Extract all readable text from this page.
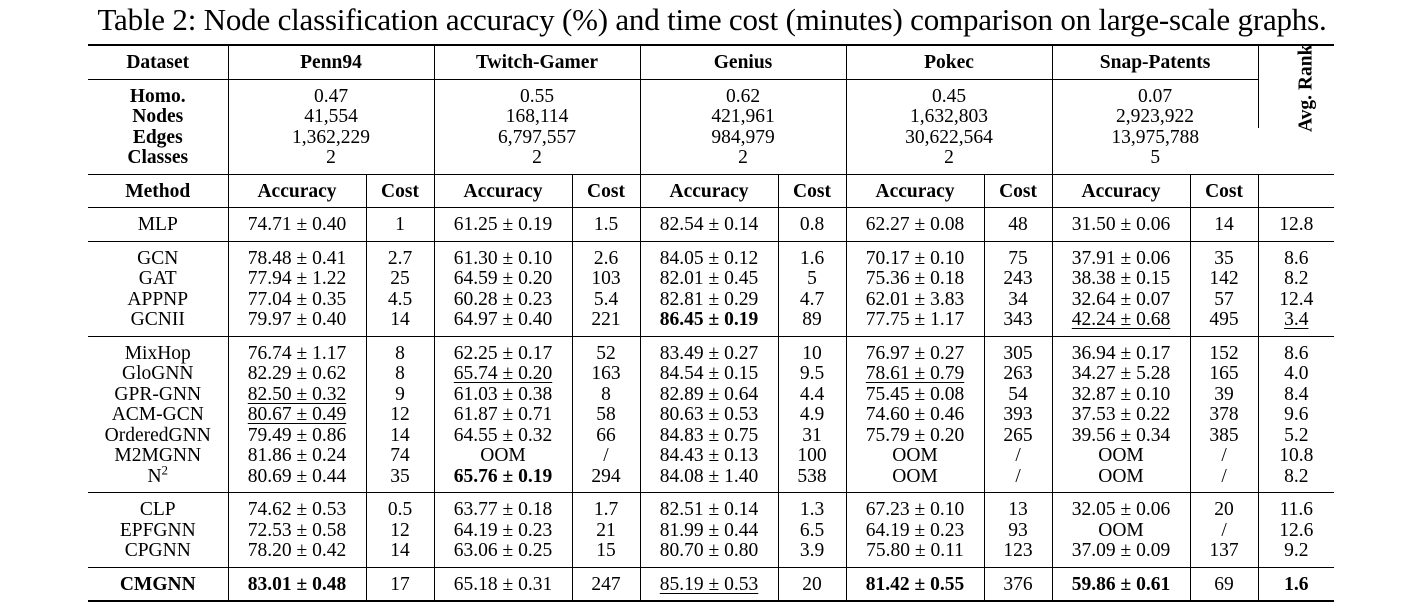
Table 2: Node classification accuracy (%) and time cost (minutes) comparison on large-scale graphs.
Dataset	Penn94		Twitch-Gamer		Genius		Pokec		Snap-Patents		Avg. Rank
Homo.	0.47		0.55		0.62		0.45		0.07		
Nodes	41,554		168,114		421,961		1,632,803		2,923,922		
Edges	1,362,229		6,797,557		984,979		30,622,564		13,975,788		
Classes	2		2		2		2		5		
Method	Accuracy	Cost	Accuracy	Cost	Accuracy	Cost	Accuracy	Cost	Accuracy	Cost	
MLP	74.71 ± 0.40	1	61.25 ± 0.19	1.5	82.54 ± 0.14	0.8	62.27 ± 0.08	48	31.50 ± 0.06	14	12.8
GCN	78.48 ± 0.41	2.7	61.30 ± 0.10	2.6	84.05 ± 0.12	1.6	70.17 ± 0.10	75	37.91 ± 0.06	35	8.6
GAT	77.94 ± 1.22	25	64.59 ± 0.20	103	82.01 ± 0.45	5	75.36 ± 0.18	243	38.38 ± 0.15	142	8.2
APPNP	77.04 ± 0.35	4.5	60.28 ± 0.23	5.4	82.81 ± 0.29	4.7	62.01 ± 3.83	34	32.64 ± 0.07	57	12.4
GCNII	79.97 ± 0.40	14	64.97 ± 0.40	221	86.45 ± 0.19	89	77.75 ± 1.17	343	42.24 ± 0.68	495	3.4
MixHop	76.74 ± 1.17	8	62.25 ± 0.17	52	83.49 ± 0.27	10	76.97 ± 0.27	305	36.94 ± 0.17	152	8.6
GloGNN	82.29 ± 0.62	8	65.74 ± 0.20	163	84.54 ± 0.15	9.5	78.61 ± 0.79	263	34.27 ± 5.28	165	4.0
GPR-GNN	82.50 ± 0.32	9	61.03 ± 0.38	8	82.89 ± 0.64	4.4	75.45 ± 0.08	54	32.87 ± 0.10	39	8.4
ACM-GCN	80.67 ± 0.49	12	61.87 ± 0.71	58	80.63 ± 0.53	4.9	74.60 ± 0.46	393	37.53 ± 0.22	378	9.6
OrderedGNN	79.49 ± 0.86	14	64.55 ± 0.32	66	84.83 ± 0.75	31	75.79 ± 0.20	265	39.56 ± 0.34	385	5.2
M2MGNN	81.86 ± 0.24	74	OOM	/	84.43 ± 0.13	100	OOM	/	OOM	/	10.8
$N^2$	80.69 ± 0.44	35	65.76 ± 0.19	294	84.08 ± 1.40	538	OOM	/	OOM	/	8.2
CLP	74.62 ± 0.53	0.5	63.77 ± 0.18	1.7	82.51 ± 0.14	1.3	67.23 ± 0.10	13	32.05 ± 0.06	20	11.6
EPFGNN	72.53 ± 0.58	12	64.19 ± 0.23	21	81.99 ± 0.44	6.5	64.19 ± 0.23	93	OOM	/	12.6
CPGNN	78.20 ± 0.42	14	63.06 ± 0.25	15	80.70 ± 0.80	3.9	75.80 ± 0.11	123	37.09 ± 0.09	137	9.2
CMGNN	83.01 ± 0.48	17	65.18 ± 0.31	247	85.19 ± 0.53	20	81.42 ± 0.55	376	59.86 ± 0.61	69	1.6
